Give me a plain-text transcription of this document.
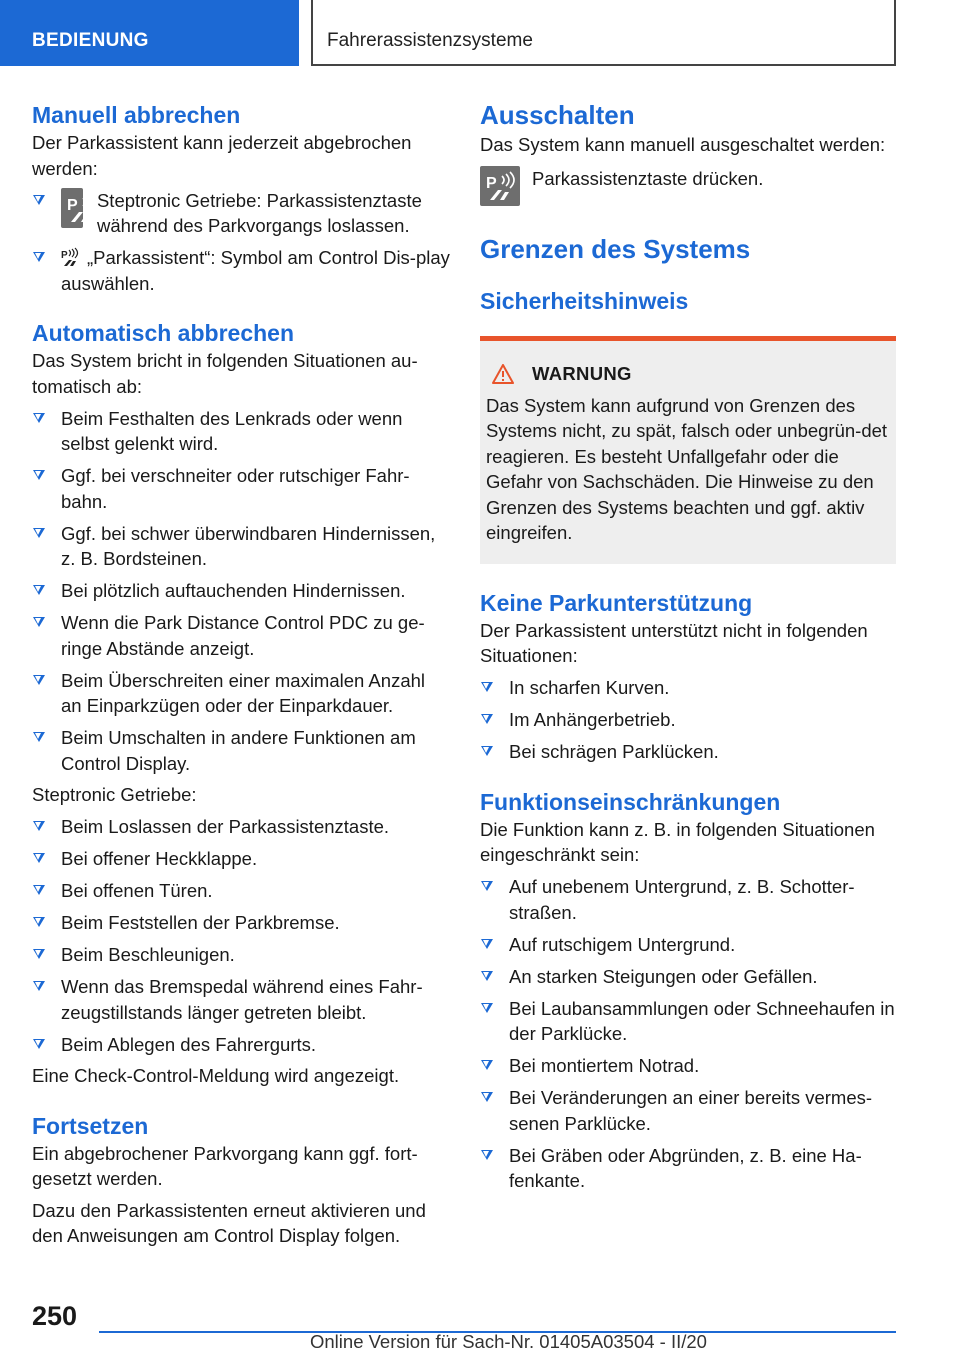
BEDIENUNG	Fahrerassistenzsysteme
Manuell abbrechen
Der Parkassistent kann jederzeit abgebrochen werden:
P Steptronic Getriebe: Parkassistenztaste während des Parkvorgangs loslassen.
P „Parkassistent“: Symbol am Control Dis-play auswählen.
Automatisch abbrechen
Das System bricht in folgenden Situationen au-tomatisch ab:
Beim Festhalten des Lenkrads oder wenn selbst gelenkt wird.
Ggf. bei verschneiter oder rutschiger Fahr-bahn.
Ggf. bei schwer überwindbaren Hindernissen, z. B. Bordsteinen.
Bei plötzlich auftauchenden Hindernissen.
Wenn die Park Distance Control PDC zu ge-ringe Abstände anzeigt.
Beim Überschreiten einer maximalen Anzahl an Einparkzügen oder der Einparkdauer.
Beim Umschalten in andere Funktionen am Control Display.
Steptronic Getriebe:
Beim Loslassen der Parkassistenztaste.
Bei offener Heckklappe.
Bei offenen Türen.
Beim Feststellen der Parkbremse.
Beim Beschleunigen.
Wenn das Bremspedal während eines Fahr-zeugstillstands länger getreten bleibt.
Beim Ablegen des Fahrergurts.
Eine Check-Control-Meldung wird angezeigt.
Fortsetzen
Ein abgebrochener Parkvorgang kann ggf. fort-gesetzt werden.
Dazu den Parkassistenten erneut aktivieren und den Anweisungen am Control Display folgen.
Ausschalten
Das System kann manuell ausgeschaltet werden:
P Parkassistenztaste drücken.
Grenzen des Systems
Sicherheitshinweis
WARNUNG
Das System kann aufgrund von Grenzen des Systems nicht, zu spät, falsch oder unbegrün-det reagieren. Es besteht Unfallgefahr oder die Gefahr von Sachschäden. Die Hinweise zu den Grenzen des Systems beachten und ggf. aktiv eingreifen.
Keine Parkunterstützung
Der Parkassistent unterstützt nicht in folgenden Situationen:
In scharfen Kurven.
Im Anhängerbetrieb.
Bei schrägen Parklücken.
Funktionseinschränkungen
Die Funktion kann z. B. in folgenden Situationen eingeschränkt sein:
Auf unebenem Untergrund, z. B. Schotter-straßen.
Auf rutschigem Untergrund.
An starken Steigungen oder Gefällen.
Bei Laubansammlungen oder Schneehaufen in der Parklücke.
Bei montiertem Notrad.
Bei Veränderungen an einer bereits vermes-senen Parklücke.
Bei Gräben oder Abgründen, z. B. eine Ha-fenkante.
250
Online Version für Sach-Nr. 01405A03504 - II/20
